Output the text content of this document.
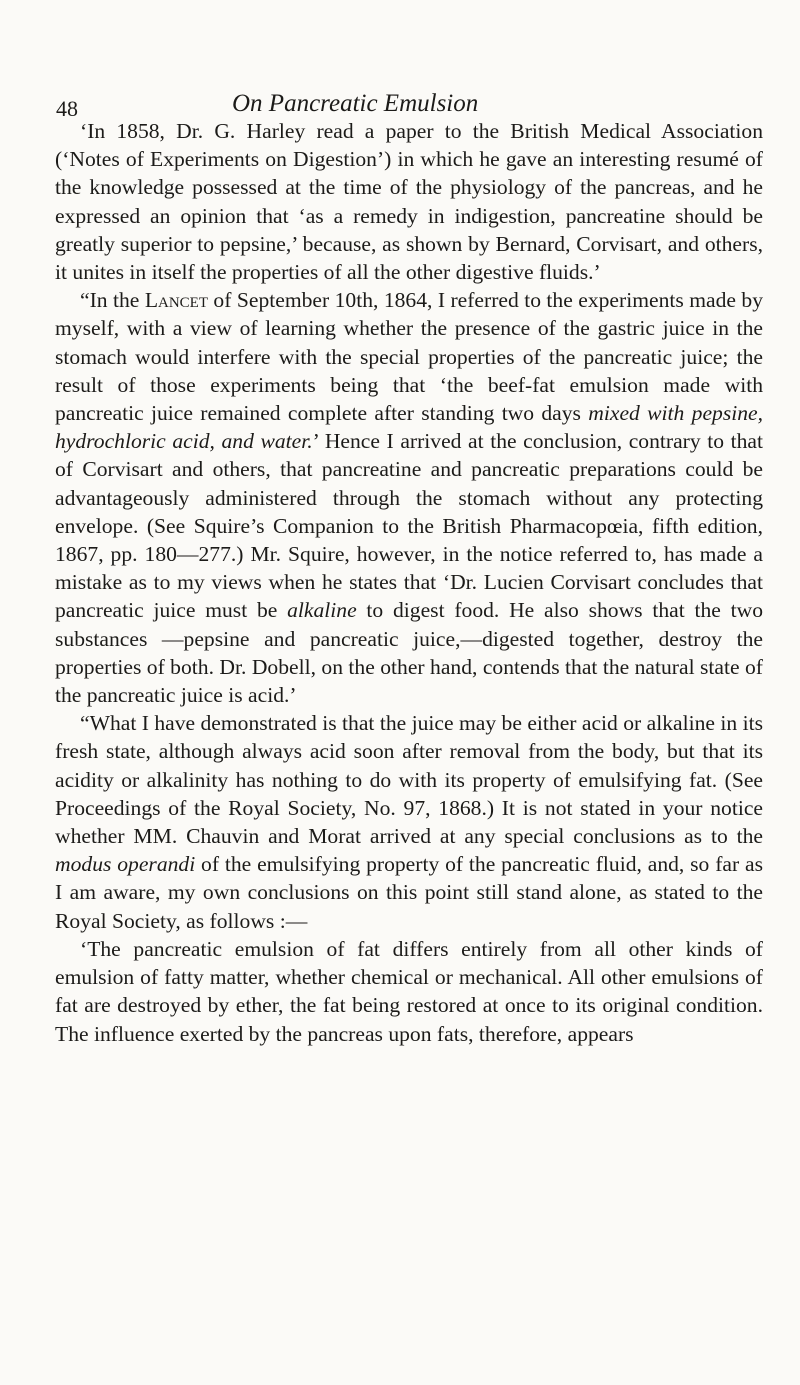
48	On Pancreatic Emulsion

‘In 1858, Dr. G. Harley read a paper to the British Medical Association (‘Notes of Experiments on Digestion’) in which he gave an interesting resumé of the knowledge possessed at the time of the physiology of the pancreas, and he expressed an opinion that ‘as a remedy in indigestion, pancreatine should be greatly superior to pepsine,’ because, as shown by Bernard, Corvisart, and others, it unites in itself the properties of all the other digestive fluids.’

“In the Lancet of September 10th, 1864, I referred to the experiments made by myself, with a view of learning whether the presence of the gastric juice in the stomach would interfere with the special properties of the pancreatic juice; the result of those experiments being that ‘the beef-fat emulsion made with pancreatic juice remained complete after standing two days mixed with pepsine, hydrochloric acid, and water.’ Hence I arrived at the conclusion, contrary to that of Corvisart and others, that pancreatine and pancreatic preparations could be advantageously administered through the stomach without any protecting envelope. (See Squire’s Companion to the British Pharmacopœia, fifth edition, 1867, pp. 180—277.) Mr. Squire, however, in the notice referred to, has made a mistake as to my views when he states that ‘Dr. Lucien Corvisart concludes that pancreatic juice must be alkaline to digest food. He also shows that the two substances —pepsine and pancreatic juice,—digested together, destroy the properties of both. Dr. Dobell, on the other hand, contends that the natural state of the pancreatic juice is acid.’

“What I have demonstrated is that the juice may be either acid or alkaline in its fresh state, although always acid soon after removal from the body, but that its acidity or alkalinity has nothing to do with its property of emulsifying fat. (See Proceedings of the Royal Society, No. 97, 1868.) It is not stated in your notice whether MM. Chauvin and Morat arrived at any special conclusions as to the modus operandi of the emulsifying property of the pancreatic fluid, and, so far as I am aware, my own conclusions on this point still stand alone, as stated to the Royal Society, as follows :—

‘The pancreatic emulsion of fat differs entirely from all other kinds of emulsion of fatty matter, whether chemical or mechanical. All other emulsions of fat are destroyed by ether, the fat being restored at once to its original condition. The influence exerted by the pancreas upon fats, therefore, appears
